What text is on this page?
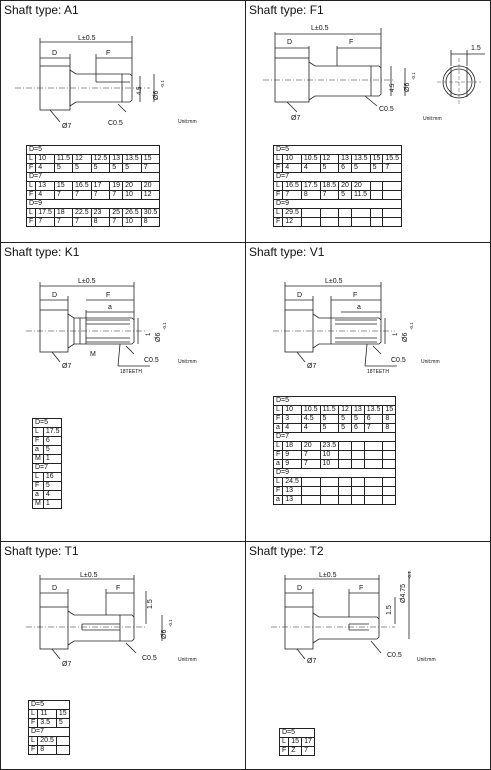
Shaft type: A1
L±0.5
D	F
Ø7	C0.5
4.5 Ø6
-0.1
Unit:mm
D=5							
L	10	11.5	12	12.5	13	13.5	15
F	4	5	5	5	5	5	7
D=7							
L	13	15	16.5	17	19	20	20
F	4	7	7	7	7	10	12
D=9							
L	17.5	18	22.5	23	25	26.5	30.5
F	7	7	7	8	7	10	8
Shaft type: F1
L±0.5
D	F
Ø7
C0.5
4.5 Ø6
-0.1
1.5
Unit:mm
D=5							
L	10	10.5	12	13	13.5	15	15.5
F	4	4	5	6	5	5	7
D=7							
L	16.5	17.5	18.5	20	20		
F	7	8	7	5	11.5		
D=9							
L	29.5						
F	12						
Shaft type: K1
L±0.5
D	F
a
M
Ø7
C0.5
18TEETH
1 Ø6
-0.1
Unit:mm
D=5	
L	17.5
F	6
a	5
M	1
D=7	
L	16
F	5
a	4
M	1
Shaft type: V1
L±0.5
D	F
a
Ø7
C0.5
18TEETH
1 Ø6
-0.1
Unit:mm
D=5							
L	10	10.5	11.5	12	13	13.5	15
F	3	4.5	5	5	5	6	8
a	4	4	5	5	6	7	8
D=7							
L	18	20	23.5				
F	9	7	10				
a	9	7	10				
D=9							
L	24.5						
F	13						
a	13						
Shaft type: T1
L±0.5
D	F
Ø7
C0.5
1.5
Ø6
-0.1
Unit:mm
D=5		
L	11	15
F	3.5	5
D=7		
L	20.5	
F	8	
Shaft type: T2
L±0.5
D	F
Ø7
C0.5
1.5
Ø4.75
-0.1
Unit:mm
D=5		
L	15	17
F	Z	7
